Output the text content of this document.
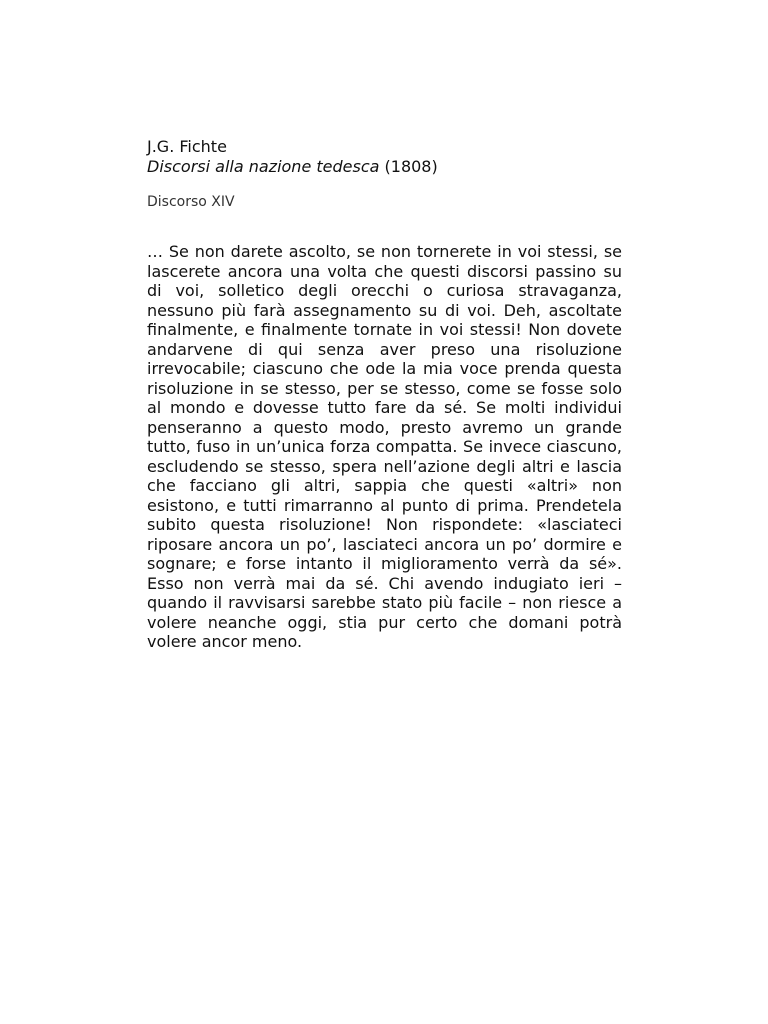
J.G. Fichte
Discorsi alla nazione tedesca (1808)
Discorso XIV

… Se non darete ascolto, se non tornerete in voi stessi, se lascerete ancora una volta che questi discorsi passino su di voi, solletico degli orecchi o curiosa stravaganza, nessuno più farà assegnamento su di voi. Deh, ascoltate finalmente, e finalmente tornate in voi stessi! Non dovete andarvene di qui senza aver preso una risoluzione irrevocabile; ciascuno che ode la mia voce prenda questa risoluzione in se stesso, per se stesso, come se fosse solo al mondo e dovesse tutto fare da sé. Se molti individui penseranno a questo modo, presto avremo un grande tutto, fuso in un’unica forza compatta. Se invece ciascuno, escludendo se stesso, spera nell’azione degli altri e lascia che facciano gli altri, sappia che questi «altri» non esistono, e tutti rimarranno al punto di prima. Prendetela subito questa risoluzione! Non rispondete: «lasciateci riposare ancora un po’, lasciateci ancora un po’ dormire e sognare; e forse intanto il miglioramento verrà da sé». Esso non verrà mai da sé. Chi avendo indugiato ieri – quando il ravvisarsi sarebbe stato più facile – non riesce a volere neanche oggi, stia pur certo che domani potrà volere ancor meno.
